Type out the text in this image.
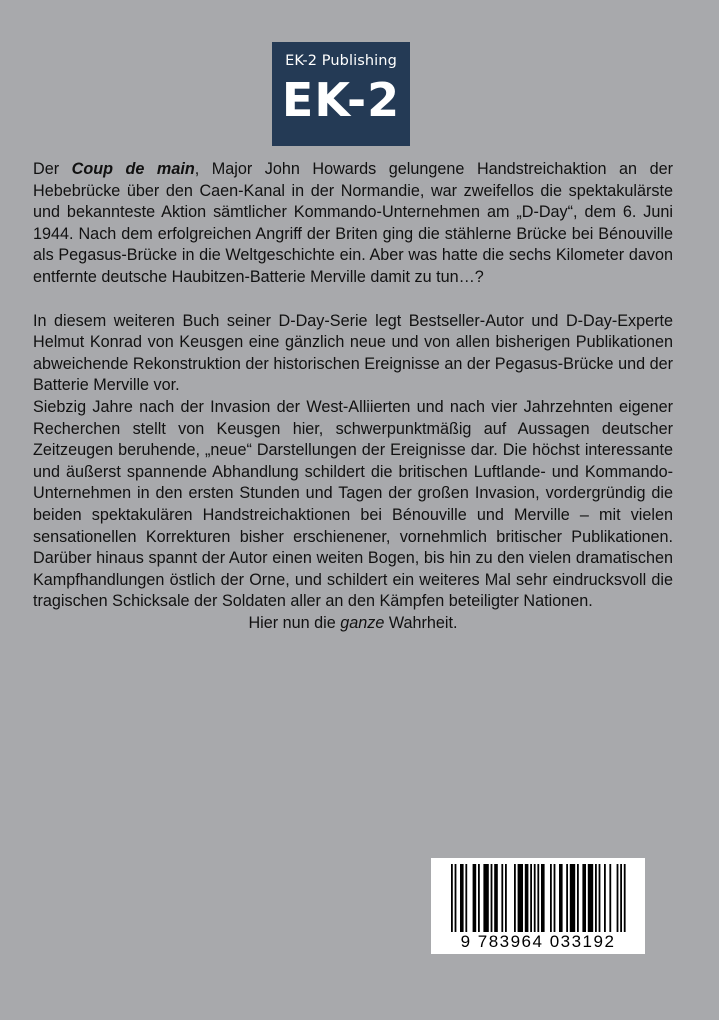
EK-2 Publishing
EK-2

Der Coup de main, Major John Howards gelungene Handstreichaktion an der Hebebrücke über den Caen-Kanal in der Normandie, war zweifellos die spektakulärste und bekannteste Aktion sämtlicher Kommando-Unternehmen am „D-Day“, dem 6. Juni 1944. Nach dem erfolgreichen Angriff der Briten ging die stählerne Brücke bei Bénouville als Pegasus-Brücke in die Weltgeschichte ein. Aber was hatte die sechs Kilometer davon entfernte deutsche Haubitzen-Batterie Merville damit zu tun…?

In diesem weiteren Buch seiner D-Day-Serie legt Bestseller-Autor und D-Day-Experte Helmut Konrad von Keusgen eine gänzlich neue und von allen bisherigen Publikationen abweichende Rekonstruktion der historischen Ereignisse an der Pegasus-Brücke und der Batterie Merville vor.

Siebzig Jahre nach der Invasion der West-Alliierten und nach vier Jahrzehnten eigener Recherchen stellt von Keusgen hier, schwerpunktmäßig auf Aussagen deutscher Zeitzeugen beruhende, „neue“ Darstellungen der Ereignisse dar. Die höchst interessante und äußerst spannende Abhandlung schildert die britischen Luftlande- und Kommando-Unternehmen in den ersten Stunden und Tagen der großen Invasion, vordergründig die beiden spektakulären Handstreichaktionen bei Bénouville und Merville – mit vielen sensationellen Korrekturen bisher erschienener, vornehmlich britischer Publikationen. Darüber hinaus spannt der Autor einen weiten Bogen, bis hin zu den vielen dramatischen Kampfhandlungen östlich der Orne, und schildert ein weiteres Mal sehr eindrucksvoll die tragischen Schicksale der Soldaten aller an den Kämpfen beteiligter Nationen.

Hier nun die ganze Wahrheit.

9 783964 033192
